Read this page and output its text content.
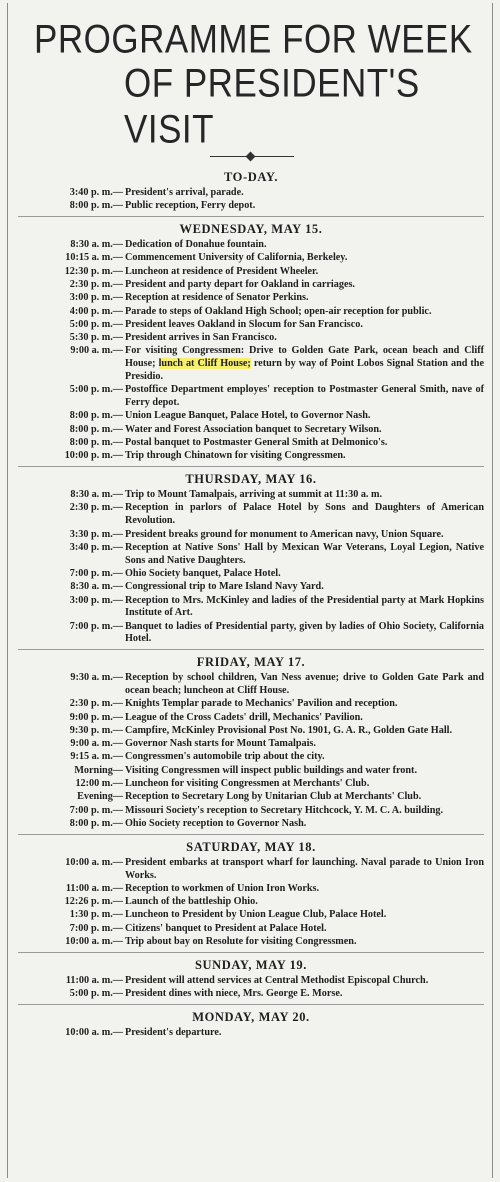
PROGRAMME FOR WEEK
OF PRESIDENT'S VISIT
TO-DAY.
3:40 p. m.— President's arrival, parade.
8:00 p. m.— Public reception, Ferry depot.
WEDNESDAY, MAY 15.
8:30 a. m.— Dedication of Donahue fountain.
10:15 a. m.— Commencement University of California, Berkeley.
12:30 p. m.— Luncheon at residence of President Wheeler.
2:30 p. m.— President and party depart for Oakland in carriages.
3:00 p. m.— Reception at residence of Senator Perkins.
4:00 p. m.— Parade to steps of Oakland High School; open-air reception for public.
5:00 p. m.— President leaves Oakland in Slocum for San Francisco.
5:30 p. m.— President arrives in San Francisco.
9:00 a. m.— For visiting Congressmen: Drive to Golden Gate Park, ocean beach and Cliff House; lunch at Cliff House; return by way of Point Lobos Signal Station and the Presidio.
5:00 p. m.— Postoffice Department employes' reception to Postmaster General Smith, nave of Ferry depot.
8:00 p. m.— Union League Banquet, Palace Hotel, to Governor Nash.
8:00 p. m.— Water and Forest Association banquet to Secretary Wilson.
8:00 p. m.— Postal banquet to Postmaster General Smith at Delmonico's.
10:00 p. m.— Trip through Chinatown for visiting Congressmen.
THURSDAY, MAY 16.
8:30 a. m.— Trip to Mount Tamalpais, arriving at summit at 11:30 a. m.
2:30 p. m.— Reception in parlors of Palace Hotel by Sons and Daughters of American Revolution.
3:30 p. m.— President breaks ground for monument to American navy, Union Square.
3:40 p. m.— Reception at Native Sons' Hall by Mexican War Veterans, Loyal Legion, Native Sons and Native Daughters.
7:00 p. m.— Ohio Society banquet, Palace Hotel.
8:30 a. m.— Congressional trip to Mare Island Navy Yard.
3:00 p. m.— Reception to Mrs. McKinley and ladies of the Presidential party at Mark Hopkins Institute of Art.
7:00 p. m.— Banquet to ladies of Presidential party, given by ladies of Ohio Society, California Hotel.
FRIDAY, MAY 17.
9:30 a. m.— Reception by school children, Van Ness avenue; drive to Golden Gate Park and ocean beach; luncheon at Cliff House.
2:30 p. m.— Knights Templar parade to Mechanics' Pavilion and reception.
9:00 p. m.— League of the Cross Cadets' drill, Mechanics' Pavilion.
9:30 p. m.— Campfire, McKinley Provisional Post No. 1901, G. A. R., Golden Gate Hall.
9:00 a. m.— Governor Nash starts for Mount Tamalpais.
9:15 a. m.— Congressmen's automobile trip about the city.
Morning— Visiting Congressmen will inspect public buildings and water front.
12:00 m.— Luncheon for visiting Congressmen at Merchants' Club.
Evening— Reception to Secretary Long by Unitarian Club at Merchants' Club.
7:00 p. m.— Missouri Society's reception to Secretary Hitchcock, Y. M. C. A. building.
8:00 p. m.— Ohio Society reception to Governor Nash.
SATURDAY, MAY 18.
10:00 a. m.— President embarks at transport wharf for launching. Naval parade to Union Iron Works.
11:00 a. m.— Reception to workmen of Union Iron Works.
12:26 p. m.— Launch of the battleship Ohio.
1:30 p. m.— Luncheon to President by Union League Club, Palace Hotel.
7:00 p. m.— Citizens' banquet to President at Palace Hotel.
10:00 a. m.— Trip about bay on Resolute for visiting Congressmen.
SUNDAY, MAY 19.
11:00 a. m.— President will attend services at Central Methodist Episcopal Church.
5:00 p. m.— President dines with niece, Mrs. George E. Morse.
MONDAY, MAY 20.
10:00 a. m.— President's departure.
